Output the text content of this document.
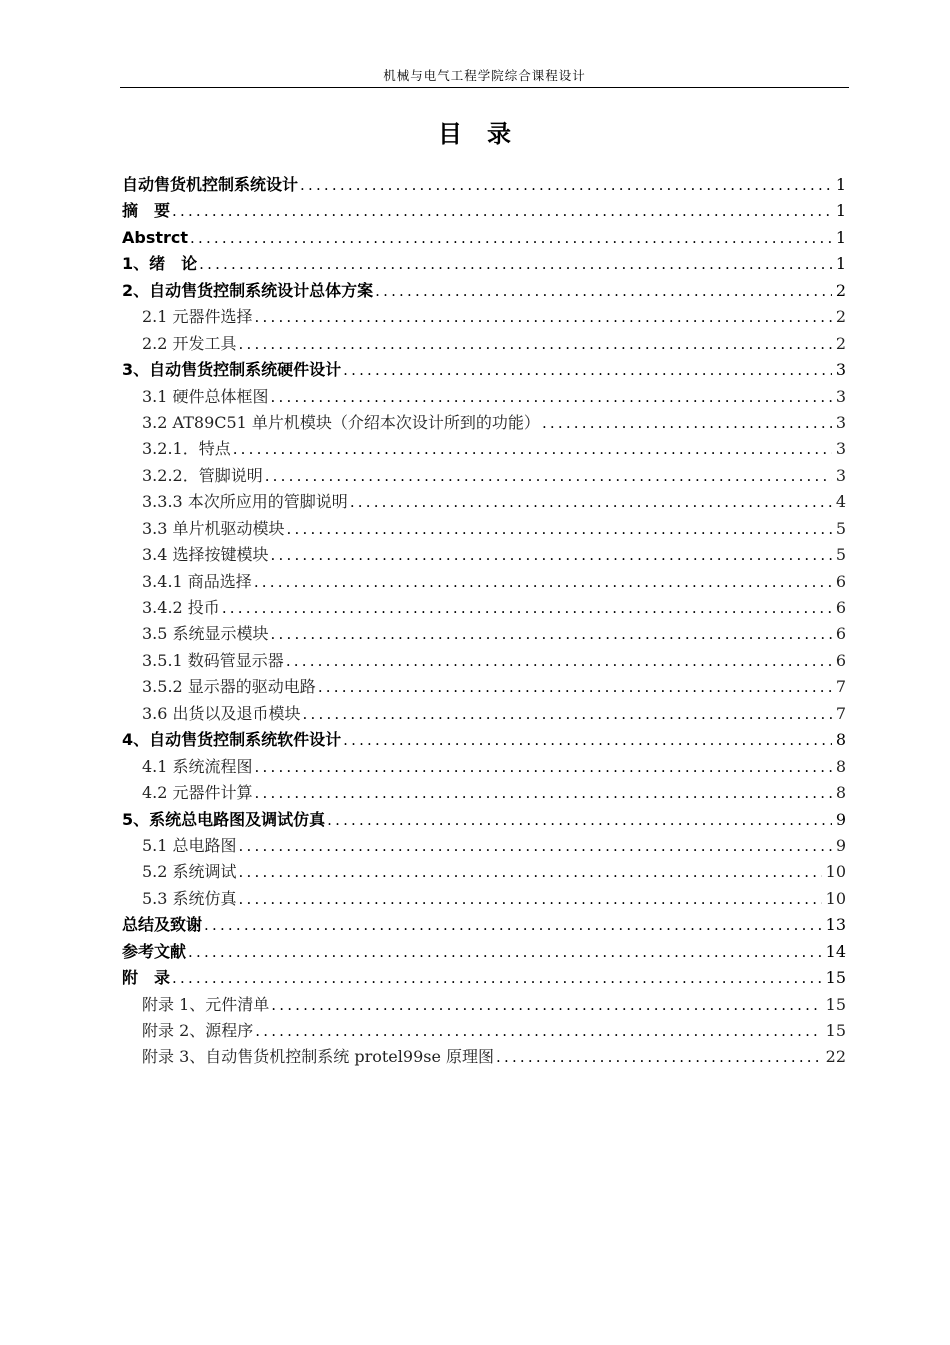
机械与电气工程学院综合课程设计
目 录
自动售货机控制系统设计 .....	1
摘　要 .....	1
Abstrct .....	1
1、绪　论 .....	1
2、自动售货控制系统设计总体方案 .....	2
2.1 元器件选择 .....	2
2.2 开发工具 .....	2
3、自动售货控制系统硬件设计 .....	3
3.1 硬件总体框图 .....	3
3.2 AT89C51 单片机模块（介绍本次设计所到的功能） .....	3
3.2.1．特点 .....	3
3.2.2．管脚说明 .....	3
3.3.3 本次所应用的管脚说明 .....	4
3.3 单片机驱动模块 .....	5
3.4 选择按键模块 .....	5
3.4.1 商品选择 .....	6
3.4.2 投币 .....	6
3.5 系统显示模块 .....	6
3.5.1 数码管显示器 .....	6
3.5.2 显示器的驱动电路 .....	7
3.6 出货以及退币模块 .....	7
4、自动售货控制系统软件设计 .....	8
4.1 系统流程图 .....	8
4.2 元器件计算 .....	8
5、系统总电路图及调试仿真 .....	9
5.1 总电路图 .....	9
5.2 系统调试 .....	10
5.3 系统仿真 .....	10
总结及致谢 .....	13
参考文献 .....	14
附　录 .....	15
附录 1、元件清单 .....	15
附录 2、源程序 .....	15
附录 3、自动售货机控制系统 protel99se 原理图 .....	22
